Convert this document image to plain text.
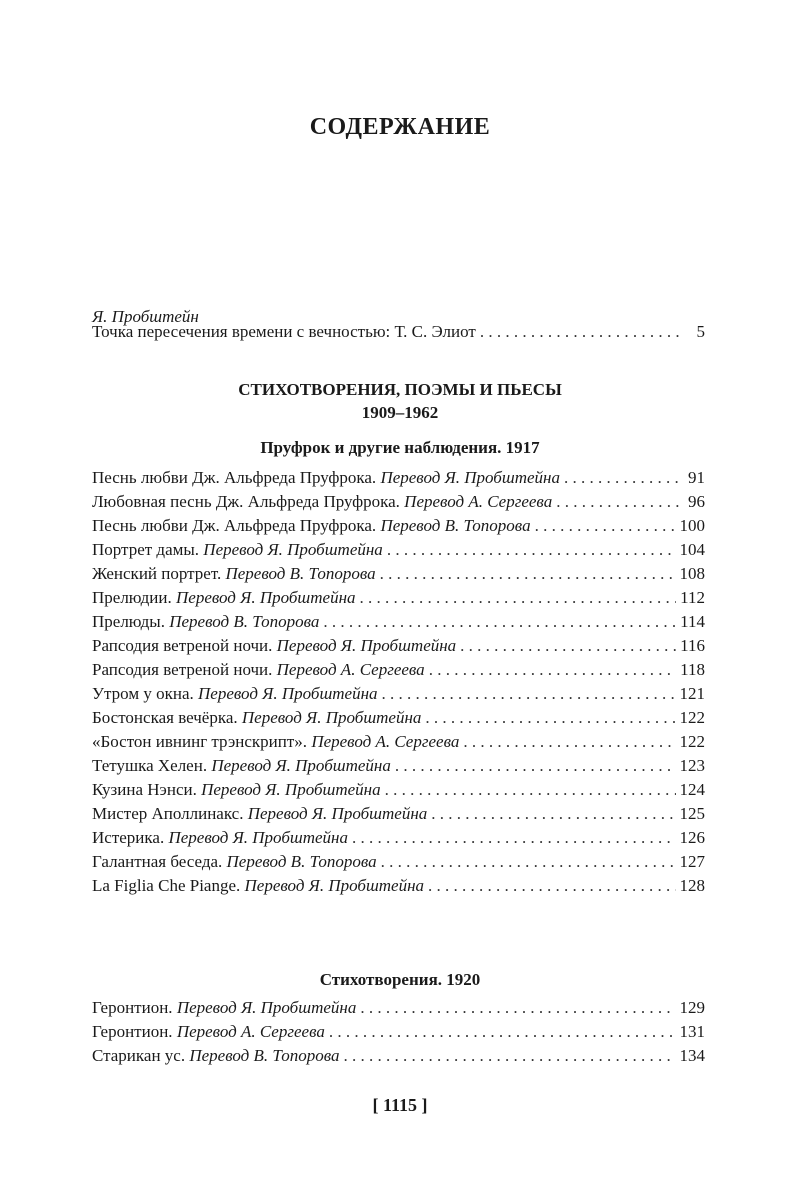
СОДЕРЖАНИЕ
Я. Пробштейн
Точка пересечения времени с вечностью: Т. С. Элиот . . .	5
СТИХОТВОРЕНИЯ, ПОЭМЫ И ПЬЕСЫ
1909–1962
Пруфрок и другие наблюдения. 1917
Песнь любви Дж. Альфреда Пруфрока. Перевод Я. Пробштейна . . .	91
Любовная песнь Дж. Альфреда Пруфрока. Перевод А. Сергеева . . .	96
Песнь любви Дж. Альфреда Пруфрока. Перевод В. Топорова . . .	100
Портрет дамы. Перевод Я. Пробштейна . . .	104
Женский портрет. Перевод В. Топорова . . .	108
Прелюдии. Перевод Я. Пробштейна . . .	112
Прелюды. Перевод В. Топорова . . .	114
Рапсодия ветреной ночи. Перевод Я. Пробштейна . . .	116
Рапсодия ветреной ночи. Перевод А. Сергеева . . .	118
Утром у окна. Перевод Я. Пробштейна . . .	121
Бостонская вечёрка. Перевод Я. Пробштейна . . .	122
«Бостон ивнинг трэнскрипт». Перевод А. Сергеева . . .	122
Тетушка Хелен. Перевод Я. Пробштейна . . .	123
Кузина Нэнси. Перевод Я. Пробштейна . . .	124
Мистер Аполлинакс. Перевод Я. Пробштейна . . .	125
Истерика. Перевод Я. Пробштейна . . .	126
Галантная беседа. Перевод В. Топорова . . .	127
La Figlia Che Piange. Перевод Я. Пробштейна . . .	128
Стихотворения. 1920
Геронтион. Перевод Я. Пробштейна . . .	129
Геронтион. Перевод А. Сергеева . . .	131
Старикан ус. Перевод В. Топорова . . .	134
[ 1115 ]
